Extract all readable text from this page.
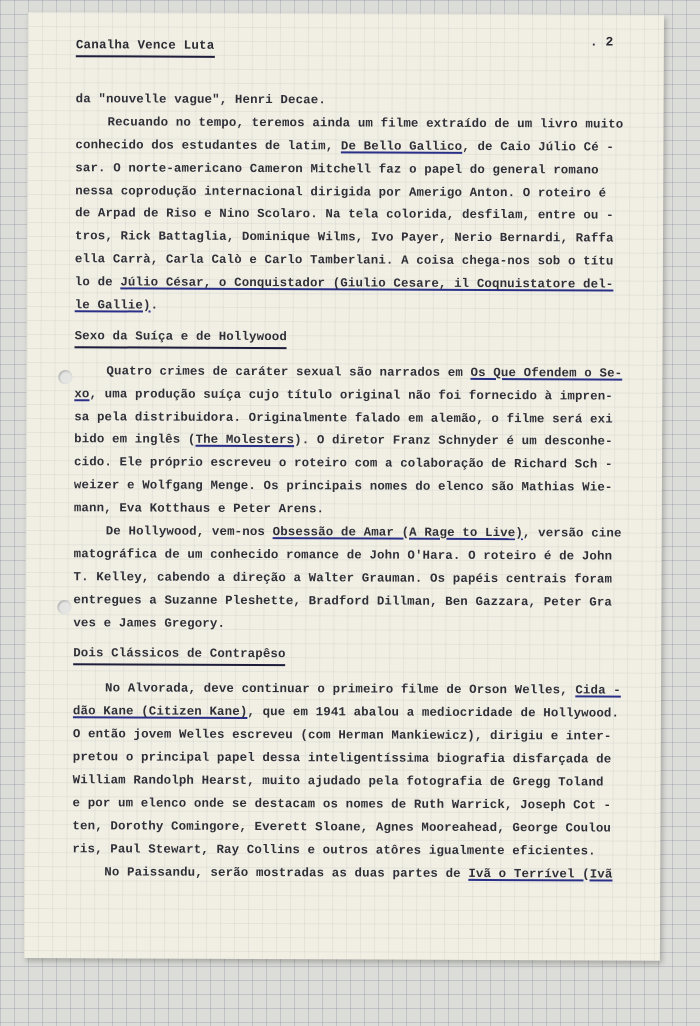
Canalha Vence Luta	. 2
da "nouvelle vague", Henri Decae.
Recuando no tempo, teremos ainda um filme extraído de um livro muito
conhecido dos estudantes de latim, De Bello Gallico, de Caio Júlio Cé -
sar. O norte-americano Cameron Mitchell faz o papel do general romano
nessa coprodução internacional dirigida por Amerigo Anton. O roteiro é
de Arpad de Riso e Nino Scolaro. Na tela colorida, desfilam, entre ou -
tros, Rick Battaglia, Dominique Wilms, Ivo Payer, Nerio Bernardi, Raffa
ella Carrà, Carla Calò e Carlo Tamberlani. A coisa chega-nos sob o títu
lo de Júlio César, o Conquistador (Giulio Cesare, il Coqnuistatore del-
le Gallie).
Sexo da Suíça e de Hollywood
Quatro crimes de caráter sexual são narrados em Os Que Ofendem o Se-
xo, uma produção suíça cujo título original não foi fornecido à impren-
sa pela distribuidora. Originalmente falado em alemão, o filme será exi
bido em inglês (The Molesters). O diretor Franz Schnyder é um desconhe-
cido. Ele próprio escreveu o roteiro com a colaboração de Richard Sch -
weizer e Wolfgang Menge. Os principais nomes do elenco são Mathias Wie-
mann, Eva Kotthaus e Peter Arens.
De Hollywood, vem-nos Obsessão de Amar (A Rage to Live), versão cine
matográfica de um conhecido romance de John O'Hara. O roteiro é de John
T. Kelley, cabendo a direção a Walter Grauman. Os papéis centrais foram
entregues a Suzanne Pleshette, Bradford Dillman, Ben Gazzara, Peter Gra
ves e James Gregory.
Dois Clássicos de Contrapêso
No Alvorada, deve continuar o primeiro filme de Orson Welles, Cida -
dão Kane (Citizen Kane), que em 1941 abalou a mediocridade de Hollywood.
O então jovem Welles escreveu (com Herman Mankiewicz), dirigiu e inter-
pretou o principal papel dessa inteligentíssima biografia disfarçada de
William Randolph Hearst, muito ajudado pela fotografia de Gregg Toland
e por um elenco onde se destacam os nomes de Ruth Warrick, Joseph Cot -
ten, Dorothy Comingore, Everett Sloane, Agnes Mooreahead, George Coulou
ris, Paul Stewart, Ray Collins e outros atôres igualmente eficientes.
No Paissandu, serão mostradas as duas partes de Ivã o Terrível (Ivã
